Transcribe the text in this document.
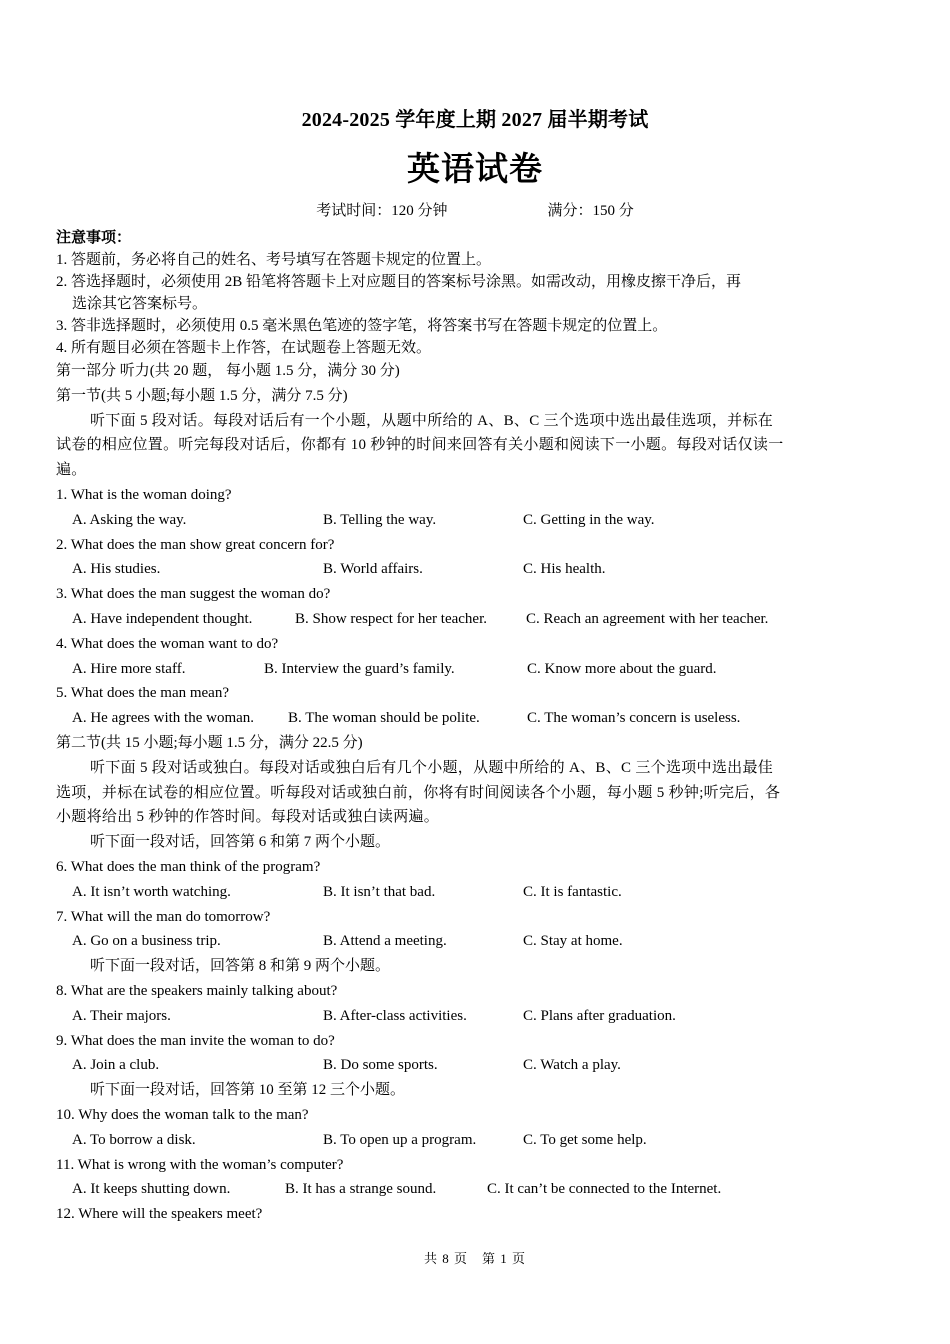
2024-2025 学年度上期 2027 届半期考试
英语试卷
考试时间：120 分钟	满分：150 分
注意事项：
1. 答题前，务必将自己的姓名、考号填写在答题卡规定的位置上。
2. 答选择题时，必须使用 2B 铅笔将答题卡上对应题目的答案标号涂黑。如需改动，用橡皮擦干净后，再
选涂其它答案标号。
3. 答非选择题时，必须使用 0.5 毫米黑色笔迹的签字笔，将答案书写在答题卡规定的位置上。
4. 所有题目必须在答题卡上作答，在试题卷上答题无效。
第一部分 听力(共 20 题， 每小题 1.5 分，满分 30 分)
第一节(共 5 小题;每小题 1.5 分，满分 7.5 分)
听下面 5 段对话。每段对话后有一个小题，从题中所给的 A、B、C 三个选项中选出最佳选项，并标在
试卷的相应位置。听完每段对话后，你都有 10 秒钟的时间来回答有关小题和阅读下一小题。每段对话仅读一
遍。
1. What is the woman doing?
A. Asking the way.	B. Telling the way.	C. Getting in the way.
2. What does the man show great concern for?
A. His studies.	B. World affairs.	C. His health.
3. What does the man suggest the woman do?
A. Have independent thought.	B. Show respect for her teacher.	C. Reach an agreement with her teacher.
4. What does the woman want to do?
A. Hire more staff.	B. Interview the guard’s family.	C. Know more about the guard.
5. What does the man mean?
A. He agrees with the woman. B. The woman should be polite.	C. The woman’s concern is useless.
第二节(共 15 小题;每小题 1.5 分，满分 22.5 分)
听下面 5 段对话或独白。每段对话或独白后有几个小题，从题中所给的 A、B、C 三个选项中选出最佳
选项，并标在试卷的相应位置。听每段对话或独白前，你将有时间阅读各个小题，每小题 5 秒钟;听完后，各
小题将给出 5 秒钟的作答时间。每段对话或独白读两遍。
听下面一段对话，回答第 6 和第 7 两个小题。
6. What does the man think of the program?
A. It isn’t worth watching.	B. It isn’t that bad.	C. It is fantastic.
7. What will the man do tomorrow?
A. Go on a business trip.	B. Attend a meeting.	C. Stay at home.
听下面一段对话，回答第 8 和第 9 两个小题。
8. What are the speakers mainly talking about?
A. Their majors.	B. After-class activities.	C. Plans after graduation.
9. What does the man invite the woman to do?
A. Join a club.	B. Do some sports.	C. Watch a play.
听下面一段对话，回答第 10 至第 12 三个小题。
10. Why does the woman talk to the man?
A. To borrow a disk.	B. To open up a program.	C. To get some help.
11. What is wrong with the woman’s computer?
A. It keeps shutting down.	B. It has a strange sound.	C. It can’t be connected to the Internet.
12. Where will the speakers meet?
共 8 页　第 1 页
